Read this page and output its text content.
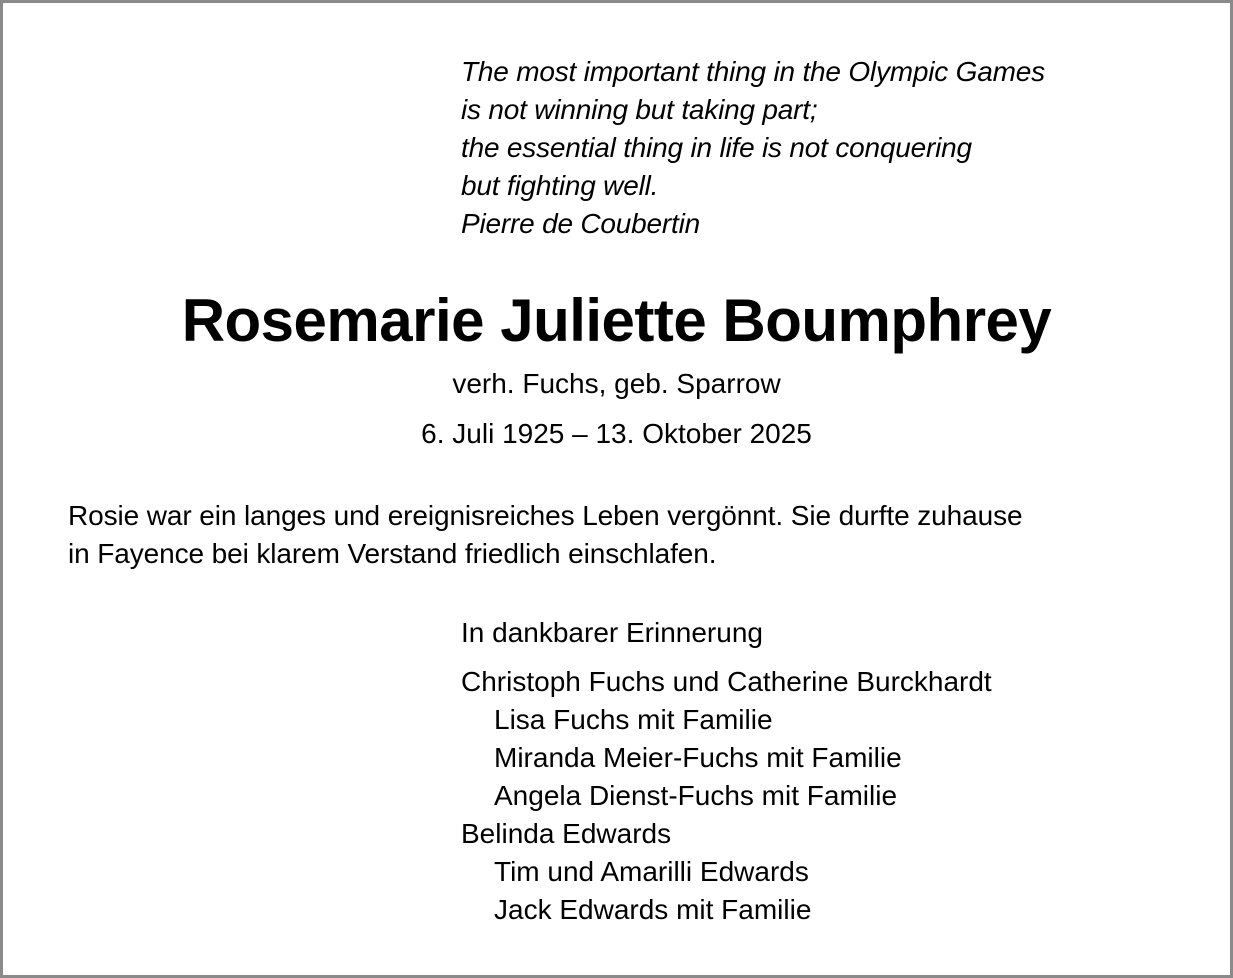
The most important thing in the Olympic Games
is not winning but taking part;
the essential thing in life is not conquering
but fighting well.
Pierre de Coubertin
Rosemarie Juliette Boumphrey
verh. Fuchs, geb. Sparrow
6. Juli 1925 – 13. Oktober 2025
Rosie war ein langes und ereignisreiches Leben vergönnt. Sie durfte zuhause
in Fayence bei klarem Verstand friedlich einschlafen.
In dankbarer Erinnerung
Christoph Fuchs und Catherine Burckhardt
Lisa Fuchs mit Familie
Miranda Meier-Fuchs mit Familie
Angela Dienst-Fuchs mit Familie
Belinda Edwards
Tim und Amarilli Edwards
Jack Edwards mit Familie
